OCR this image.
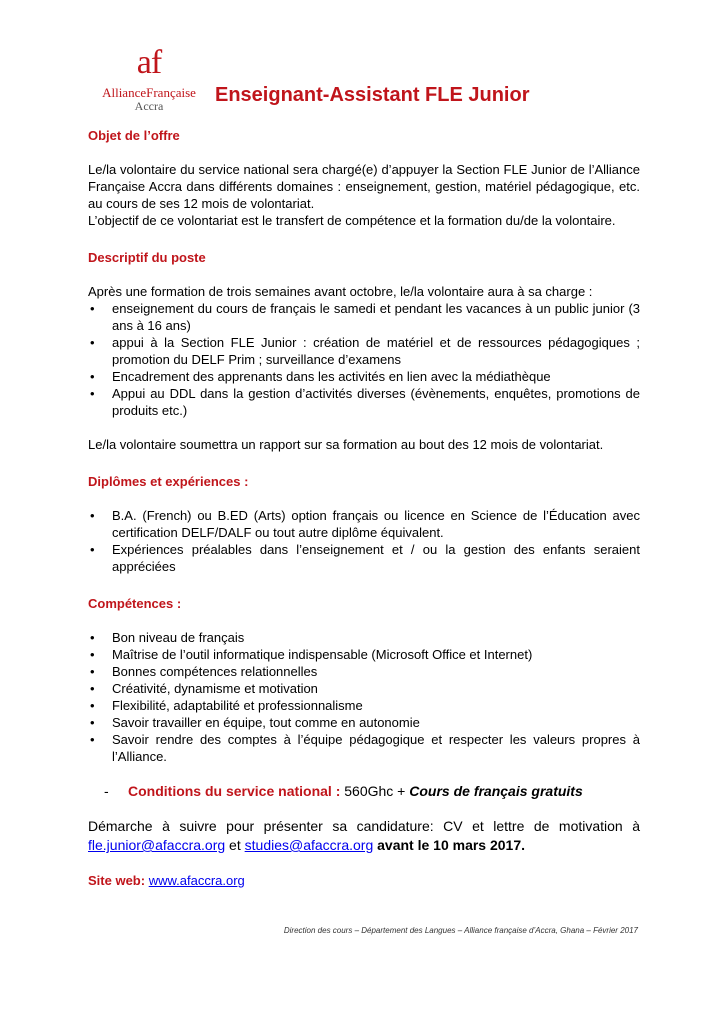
af
AllianceFrançaise
Accra	Enseignant-Assistant FLE Junior
Objet de l’offre

Le/la volontaire du service national sera chargé(e) d’appuyer la Section FLE Junior de l’Alliance Française Accra dans différents domaines : enseignement, gestion, matériel pédagogique, etc. au cours de ses 12 mois de volontariat.

L’objectif de ce volontariat est le transfert de compétence et la formation du/de la volontaire.

Descriptif du poste

Après une formation de trois semaines avant octobre, le/la volontaire aura à sa charge :

• enseignement du cours de français le samedi et pendant les vacances à un public junior (3 ans à 16 ans)
• appui à la Section FLE Junior : création de matériel et de ressources pédagogiques ; promotion du DELF Prim ; surveillance d’examens
• Encadrement des apprenants dans les activités en lien avec la médiathèque
• Appui au DDL dans la gestion d’activités diverses (évènements, enquêtes, promotions de produits etc.)

Le/la volontaire soumettra un rapport sur sa formation au bout des 12 mois de volontariat.

Diplômes et expériences :
• B.A. (French) ou B.ED (Arts) option français ou licence en Science de l’Éducation avec certification DELF/DALF ou tout autre diplôme équivalent.
• Expériences préalables dans l’enseignement et / ou la gestion des enfants seraient appréciées
Compétences :
• Bon niveau de français
• Maîtrise de l’outil informatique indispensable (Microsoft Office et Internet)
• Bonnes compétences relationnelles
• Créativité, dynamisme et motivation
• Flexibilité, adaptabilité et professionnalisme
• Savoir travailler en équipe, tout comme en autonomie
• Savoir rendre des comptes à l’équipe pédagogique et respecter les valeurs propres à l’Alliance.
- Conditions du service national : 560Ghc + Cours de français gratuits

Démarche à suivre pour présenter sa candidature: CV et lettre de motivation à fle.junior@afaccra.org et studies@afaccra.org avant le 10 mars 2017.

Site web: www.afaccra.org
Direction des cours – Département des Langues – Alliance française d’Accra, Ghana – Février 2017
